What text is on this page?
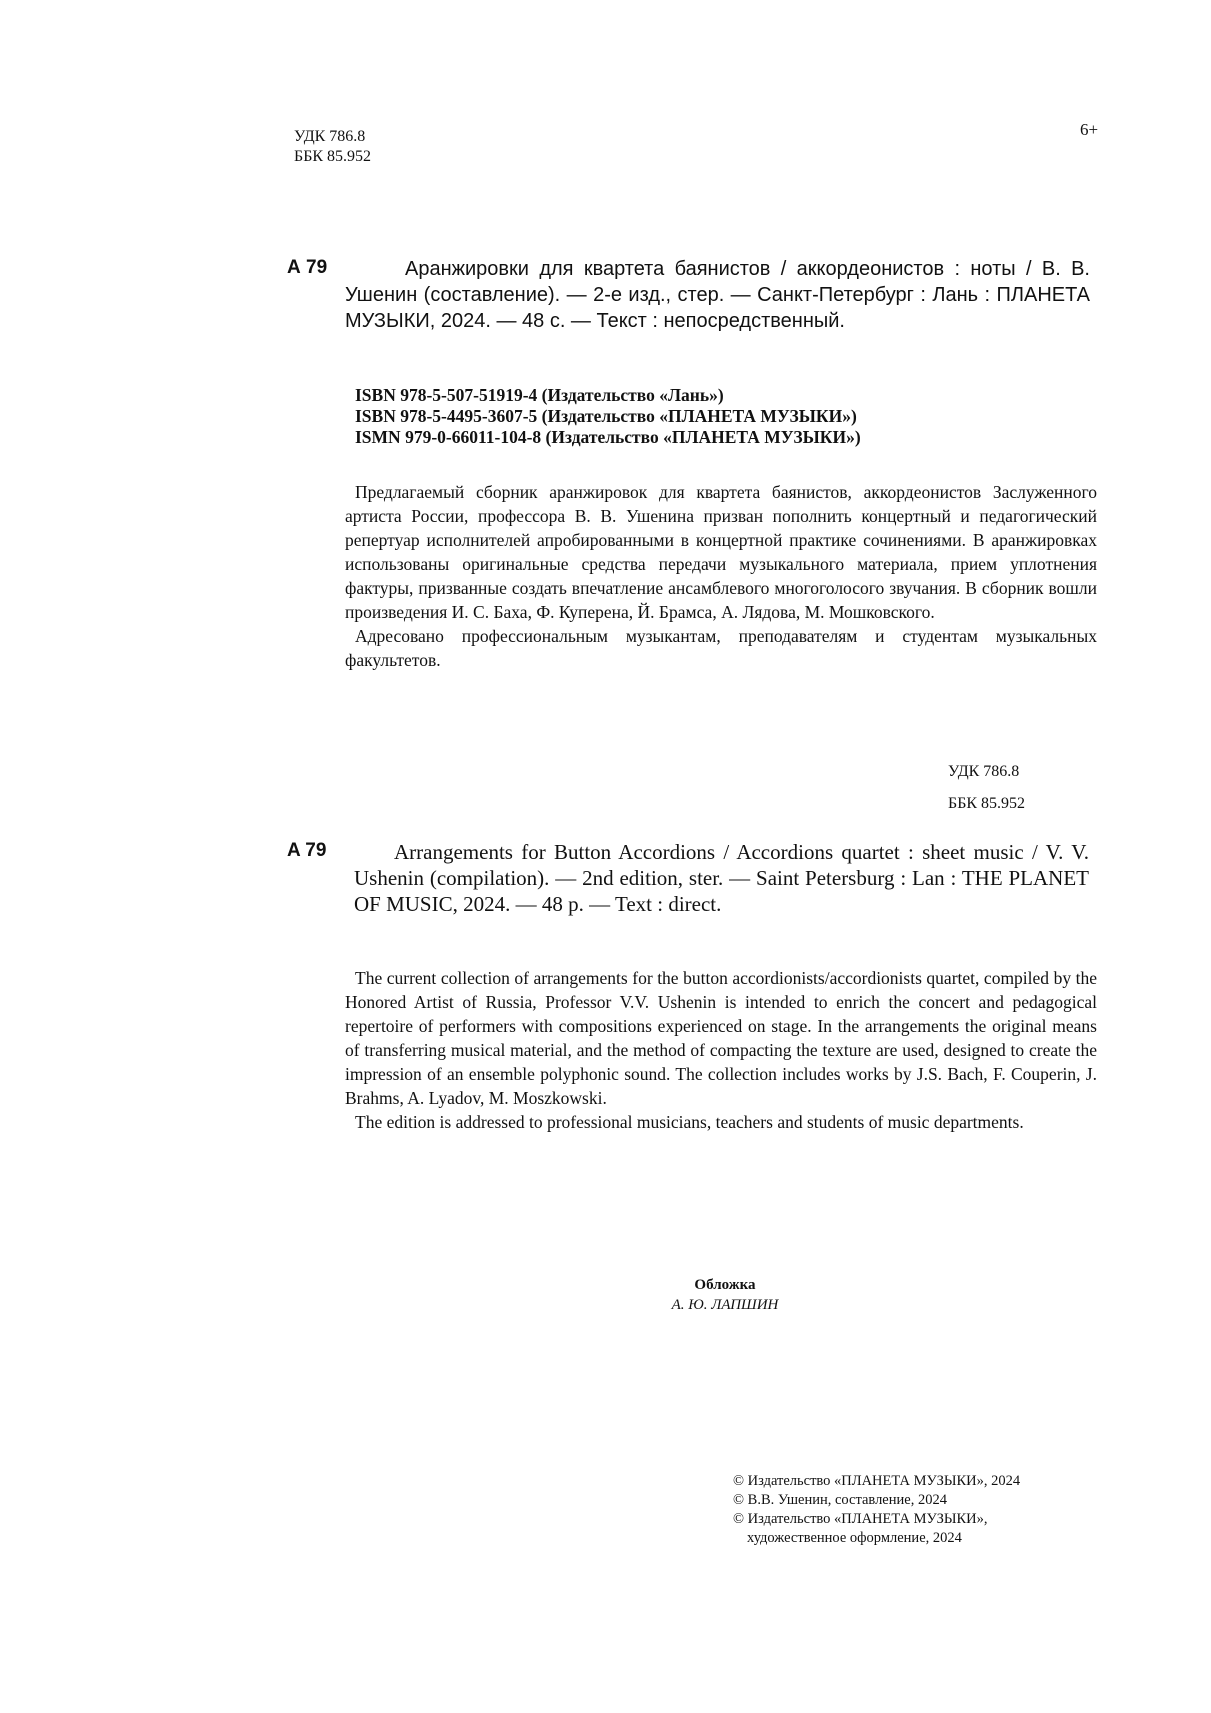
УДК 786.8
ББК 85.952
6+
А 79	Аранжировки для квартета баянистов / аккордеонистов : ноты / В. В. Ушенин (составление). — 2-е изд., стер. — Санкт-Петербург : Лань : ПЛАНЕТА МУЗЫКИ, 2024. — 48 с. — Текст : непосредственный.
ISBN 978-5-507-51919-4 (Издательство «Лань»)
ISBN 978-5-4495-3607-5 (Издательство «ПЛАНЕТА МУЗЫКИ»)
ISMN 979-0-66011-104-8 (Издательство «ПЛАНЕТА МУЗЫКИ»)

Предлагаемый сборник аранжировок для квартета баянистов, аккордеонистов Заслуженного артиста России, профессора В. В. Ушенина призван пополнить концертный и педагогический репертуар исполнителей апробированными в концертной практике сочинениями. В аранжировках использованы оригинальные средства передачи музыкального материала, прием уплотнения фактуры, призванные создать впечатление ансамблевого многоголосого звучания. В сборник вошли произведения И. С. Баха, Ф. Куперена, Й. Брамса, А. Лядова, М. Мошковского.

Адресовано профессиональным музыкантам, преподавателям и студентам музыкальных факультетов.

УДК 786.8
ББК 85.952
A 79	Arrangements for Button Accordions / Accordions quartet : sheet music / V. V. Ushenin (compilation). — 2nd edition, ster. — Saint Petersburg : Lan : THE PLANET OF MUSIC, 2024. — 48 p. — Text : direct.

The current collection of arrangements for the button accordionists/accordionists quartet, compiled by the Honored Artist of Russia, Professor V.V. Ushenin is intended to enrich the concert and pedagogical repertoire of performers with compositions experienced on stage. In the arrangements the original means of transferring musical material, and the method of compacting the texture are used, designed to create the impression of an ensemble polyphonic sound. The collection includes works by J.S. Bach, F. Couperin, J. Brahms, A. Lyadov, M. Moszkowski.

The edition is addressed to professional musicians, teachers and students of music departments.

Обложка
А. Ю. ЛАПШИН
© Издательство «ПЛАНЕТА МУЗЫКИ», 2024
© В.В. Ушенин, составление, 2024
© Издательство «ПЛАНЕТА МУЗЫКИ»,
художественное оформление, 2024
